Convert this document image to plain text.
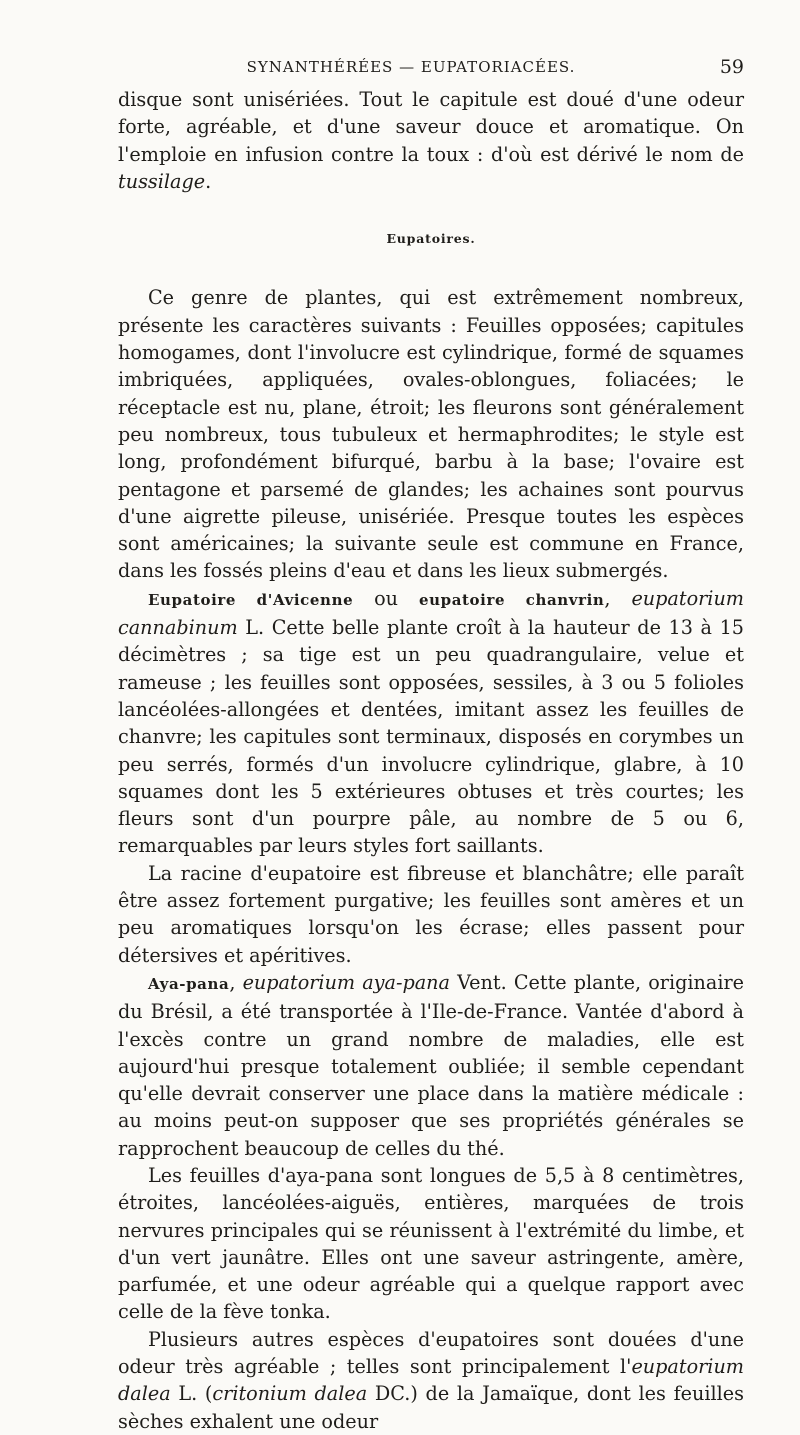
SYNANTHÉRÉES — EUPATORIACÉES.	59

disque sont unisériées. Tout le capitule est doué d'une odeur forte, agréable, et d'une saveur douce et aromatique. On l'emploie en infusion contre la toux : d'où est dérivé le nom de tussilage.

Eupatoires.

Ce genre de plantes, qui est extrêmement nombreux, présente les caractères suivants : Feuilles opposées; capitules homogames, dont l'involucre est cylindrique, formé de squames imbriquées, appliquées, ovales-oblongues, foliacées; le réceptacle est nu, plane, étroit; les fleurons sont généralement peu nombreux, tous tubuleux et hermaphrodites; le style est long, profondément bifurqué, barbu à la base; l'ovaire est pentagone et parsemé de glandes; les achaines sont pourvus d'une aigrette pileuse, unisériée. Presque toutes les espèces sont américaines; la suivante seule est commune en France, dans les fossés pleins d'eau et dans les lieux submergés.

Eupatoire d'Avicenne ou eupatoire chanvrin, eupatorium cannabinum L. Cette belle plante croît à la hauteur de 13 à 15 décimètres ; sa tige est un peu quadrangulaire, velue et rameuse ; les feuilles sont opposées, sessiles, à 3 ou 5 folioles lancéolées-allongées et dentées, imitant assez les feuilles de chanvre; les capitules sont terminaux, disposés en corymbes un peu serrés, formés d'un involucre cylindrique, glabre, à 10 squames dont les 5 extérieures obtuses et très courtes; les fleurs sont d'un pourpre pâle, au nombre de 5 ou 6, remarquables par leurs styles fort saillants.

La racine d'eupatoire est fibreuse et blanchâtre; elle paraît être assez fortement purgative; les feuilles sont amères et un peu aromatiques lorsqu'on les écrase; elles passent pour détersives et apéritives.

Aya-pana, eupatorium aya-pana Vent. Cette plante, originaire du Brésil, a été transportée à l'Ile-de-France. Vantée d'abord à l'excès contre un grand nombre de maladies, elle est aujourd'hui presque totalement oubliée; il semble cependant qu'elle devrait conserver une place dans la matière médicale : au moins peut-on supposer que ses propriétés générales se rapprochent beaucoup de celles du thé.

Les feuilles d'aya-pana sont longues de 5,5 à 8 centimètres, étroites, lancéolées-aiguës, entières, marquées de trois nervures principales qui se réunissent à l'extrémité du limbe, et d'un vert jaunâtre. Elles ont une saveur astringente, amère, parfumée, et une odeur agréable qui a quelque rapport avec celle de la fève tonka.

Plusieurs autres espèces d'eupatoires sont douées d'une odeur très agréable ; telles sont principalement l'eupatorium dalea L. (critonium dalea DC.) de la Jamaïque, dont les feuilles sèches exhalent une odeur
